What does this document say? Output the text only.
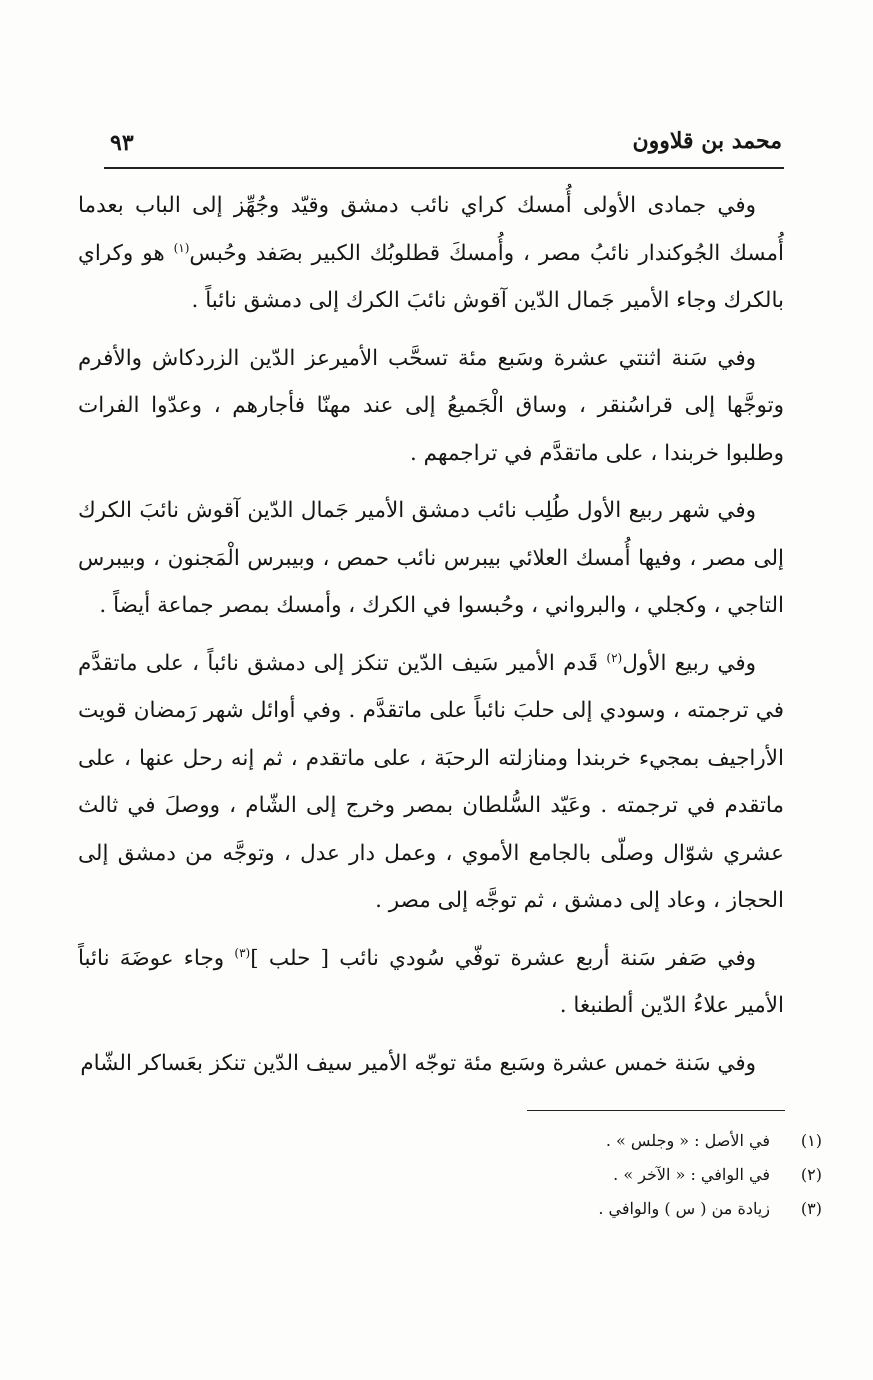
محمد بن قلاوون
٩٣

وفي جمادى الأولى أُمسك كراي نائب دمشق وقيّد وجُهِّز إلى الباب بعدما أُمسك الجُوكندار نائبُ مصر ، وأُمسكَ قطلوبُك الكبير بصَفد وحُبس$^{(١)}$ هو وكراي بالكرك وجاء الأمير جَمال الدّين آقوش نائبَ الكرك إلى دمشق نائباً .

وفي سَنة اثنتي عشرة وسَبع مئة تسحَّب الأميرعز الدّين الزردكاش والأفرم وتوجَّها إلى قراسُنقر ، وساق الْجَميعُ إلى عند مهنّا فأجارهم ، وعدّوا الفرات وطلبوا خربندا ، على ماتقدَّم في تراجمهم .

وفي شهر ربيع الأول طُلِب نائب دمشق الأمير جَمال الدّين آقوش نائبَ الكرك إلى مصر ، وفيها أُمسك العلائي بيبرس نائب حمص ، وبيبرس الْمَجنون ، وبيبرس التاجي ، وكجلي ، والبرواني ، وحُبسوا في الكرك ، وأمسك بمصر جماعة أيضاً .

وفي ربيع الأول$^{(٢)}$ قَدم الأمير سَيف الدّين تنكز إلى دمشق نائباً ، على ماتقدَّم في ترجمته ، وسودي إلى حلبَ نائباً على ماتقدَّم . وفي أوائل شهر رَمضان قويت الأراجيف بمجيء خربندا ومنازلته الرحبَة ، على ماتقدم ، ثم إنه رحل عنها ، على ماتقدم في ترجمته . وعَيّد السُّلطان بمصر وخرج إلى الشّام ، ووصلَ في ثالث عشري شوّال وصلّى بالجامع الأموي ، وعمل دار عدل ، وتوجَّه من دمشق إلى الحجاز ، وعاد إلى دمشق ، ثم توجَّه إلى مصر .

وفي صَفر سَنة أربع عشرة توفّي سُودي نائب [ حلب ]$^{(٣)}$ وجاء عوضَهَ نائباً الأمير علاءُ الدّين ألطنبغا .

وفي سَنة خمس عشرة وسَبع مئة توجّه الأمير سيف الدّين تنكز بعَساكر الشّام

(١)
في الأصل : « وجلس » .
(٢)
في الوافي : « الآخر » .
(٣)
زيادة من ( س ) والوافي .
